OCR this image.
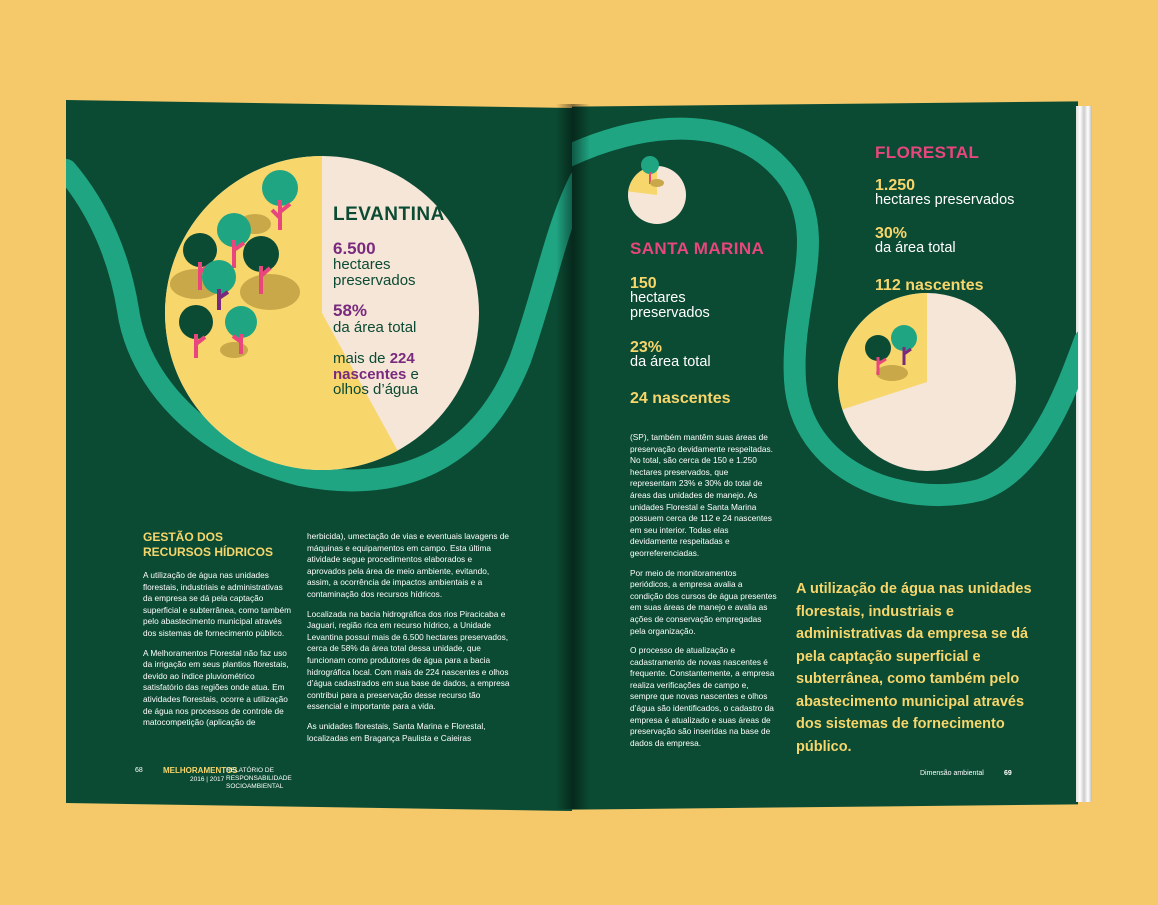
LEVANTINA
6.500
hectares
preservados
58%
da área total
mais de 224
nascentes e
olhos d’água
GESTÃO DOS
RECURSOS HÍDRICOS

A utilização de água nas unidades florestais, industriais e administrativas da empresa se dá pela captação superficial e subterrânea, como também pelo abastecimento municipal através dos sistemas de fornecimento público.

A Melhoramentos Florestal não faz uso da irrigação em seus plantios florestais, devido ao índice pluviométrico satisfatório das regiões onde atua. Em atividades florestais, ocorre a utilização de água nos processos de controle de matocompetição (aplicação de

herbicida), umectação de vias e eventuais lavagens de máquinas e equipamentos em campo. Esta última atividade segue procedimentos elaborados e aprovados pela área de meio ambiente, evitando, assim, a ocorrência de impactos ambientais e a contaminação dos recursos hídricos.

Localizada na bacia hidrográfica dos rios Piracicaba e Jaguari, região rica em recurso hídrico, a Unidade Levantina possui mais de 6.500 hectares preservados, cerca de 58% da área total dessa unidade, que funcionam como produtores de água para a bacia hidrográfica local. Com mais de 224 nascentes e olhos d’água cadastrados em sua base de dados, a empresa contribui para a preservação desse recurso tão essencial e importante para a vida.

As unidades florestais, Santa Marina e Florestal, localizadas em Bragança Paulista e Caieiras

68	MELHORAMENTOS
2016 | 2017
RELATÓRIO DE
RESPONSABILIDADE
SOCIOAMBIENTAL
SANTA MARINA
150
hectares
preservados
23%
da área total
24 nascentes
FLORESTAL
1.250
hectares preservados
30%
da área total
112 nascentes

(SP), também mantêm suas áreas de preservação devidamente respeitadas. No total, são cerca de 150 e 1.250 hectares preservados, que representam 23% e 30% do total de áreas das unidades de manejo. As unidades Florestal e Santa Marina possuem cerca de 112 e 24 nascentes em seu interior. Todas elas devidamente respeitadas e georreferenciadas.

Por meio de monitoramentos periódicos, a empresa avalia a condição dos cursos de água presentes em suas áreas de manejo e avalia as ações de conservação empregadas pela organização.

O processo de atualização e cadastramento de novas nascentes é frequente. Constantemente, a empresa realiza verificações de campo e, sempre que novas nascentes e olhos d’água são identificados, o cadastro da empresa é atualizado e suas áreas de preservação são inseridas na base de dados da empresa.

A utilização de água nas unidades florestais, industriais e administrativas da empresa se dá pela captação superficial e subterrânea, como também pelo abastecimento municipal através dos sistemas de fornecimento público.
Dimensão ambiental	69
